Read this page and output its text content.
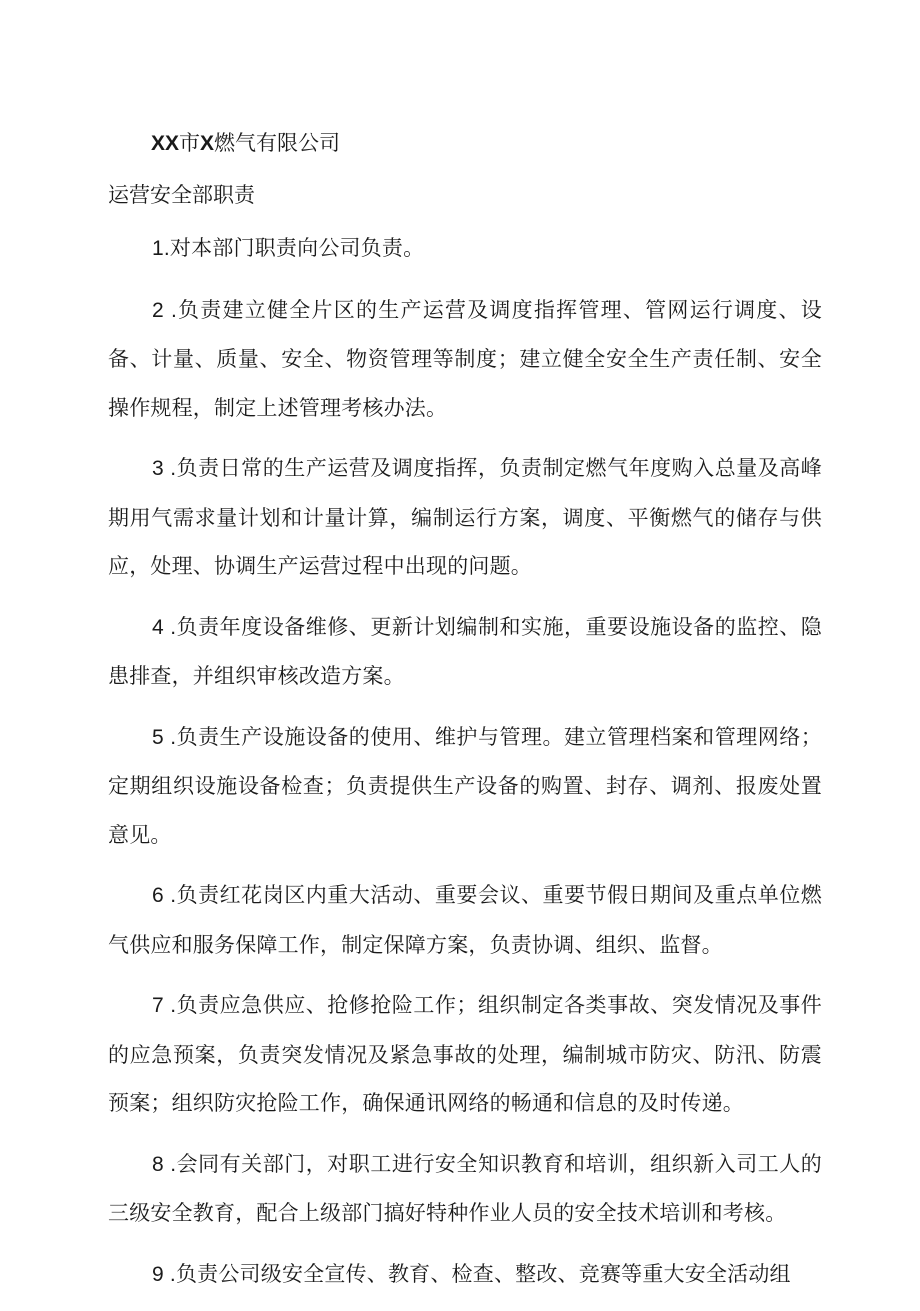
XX市X燃气有限公司
运营安全部职责

1.对本部门职责向公司负责。

2 .负责建立健全片区的生产运营及调度指挥管理、管网运行调度、设备、计量、质量、安全、物资管理等制度；建立健全安全生产责任制、安全操作规程，制定上述管理考核办法。

3 .负责日常的生产运营及调度指挥，负责制定燃气年度购入总量及高峰期用气需求量计划和计量计算，编制运行方案，调度、平衡燃气的储存与供应，处理、协调生产运营过程中出现的问题。

4 .负责年度设备维修、更新计划编制和实施，重要设施设备的监控、隐患排查，并组织审核改造方案。

5 .负责生产设施设备的使用、维护与管理。建立管理档案和管理网络；定期组织设施设备检查；负责提供生产设备的购置、封存、调剂、报废处置意见。

6 .负责红花岗区内重大活动、重要会议、重要节假日期间及重点单位燃气供应和服务保障工作，制定保障方案，负责协调、组织、监督。

7 .负责应急供应、抢修抢险工作；组织制定各类事故、突发情况及事件的应急预案，负责突发情况及紧急事故的处理，编制城市防灾、防汛、防震预案；组织防灾抢险工作，确保通讯网络的畅通和信息的及时传递。

8 .会同有关部门，对职工进行安全知识教育和培训，组织新入司工人的三级安全教育，配合上级部门搞好特种作业人员的安全技术培训和考核。

9 .负责公司级安全宣传、教育、检查、整改、竞赛等重大安全活动组
